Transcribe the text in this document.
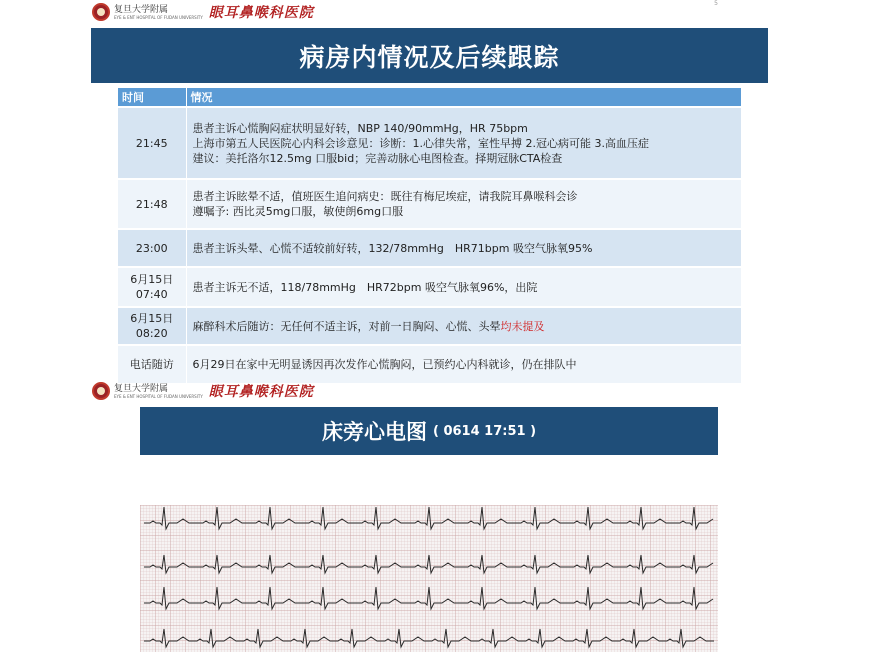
复旦大学附属
EYE & ENT HOSPITAL OF FUDAN UNIVERSITY 眼耳鼻喉科医院
5
病房内情况及后续跟踪
时间	情况

21:45	患者主诉心慌胸闷症状明显好转，NBP 140/90mmHg，HR 75bpm
上海市第五人民医院心内科会诊意见：诊断：1.心律失常，室性早搏 2.冠心病可能 3.高血压症
建议：美托洛尔12.5mg 口服bid；完善动脉心电图检查。择期冠脉CTA检查

21:48	患者主诉眩晕不适，值班医生追问病史：既往有梅尼埃症，请我院耳鼻喉科会诊
遵嘱予: 西比灵5mg口服，敏使朗6mg口服

23:00	患者主诉头晕、心慌不适较前好转，132/78mmHg　HR71bpm 吸空气脉氧95%

6月15日
07:40	患者主诉无不适，118/78mmHg　HR72bpm 吸空气脉氧96%，出院

6月15日
08:20	麻醉科术后随访：无任何不适主诉，对前一日胸闷、心慌、头晕均未提及

电话随访	6月29日在家中无明显诱因再次发作心慌胸闷，已预约心内科就诊，仍在排队中
复旦大学附属
EYE & ENT HOSPITAL OF FUDAN UNIVERSITY 眼耳鼻喉科医院
床旁心电图 ( 0614 17:51 )
